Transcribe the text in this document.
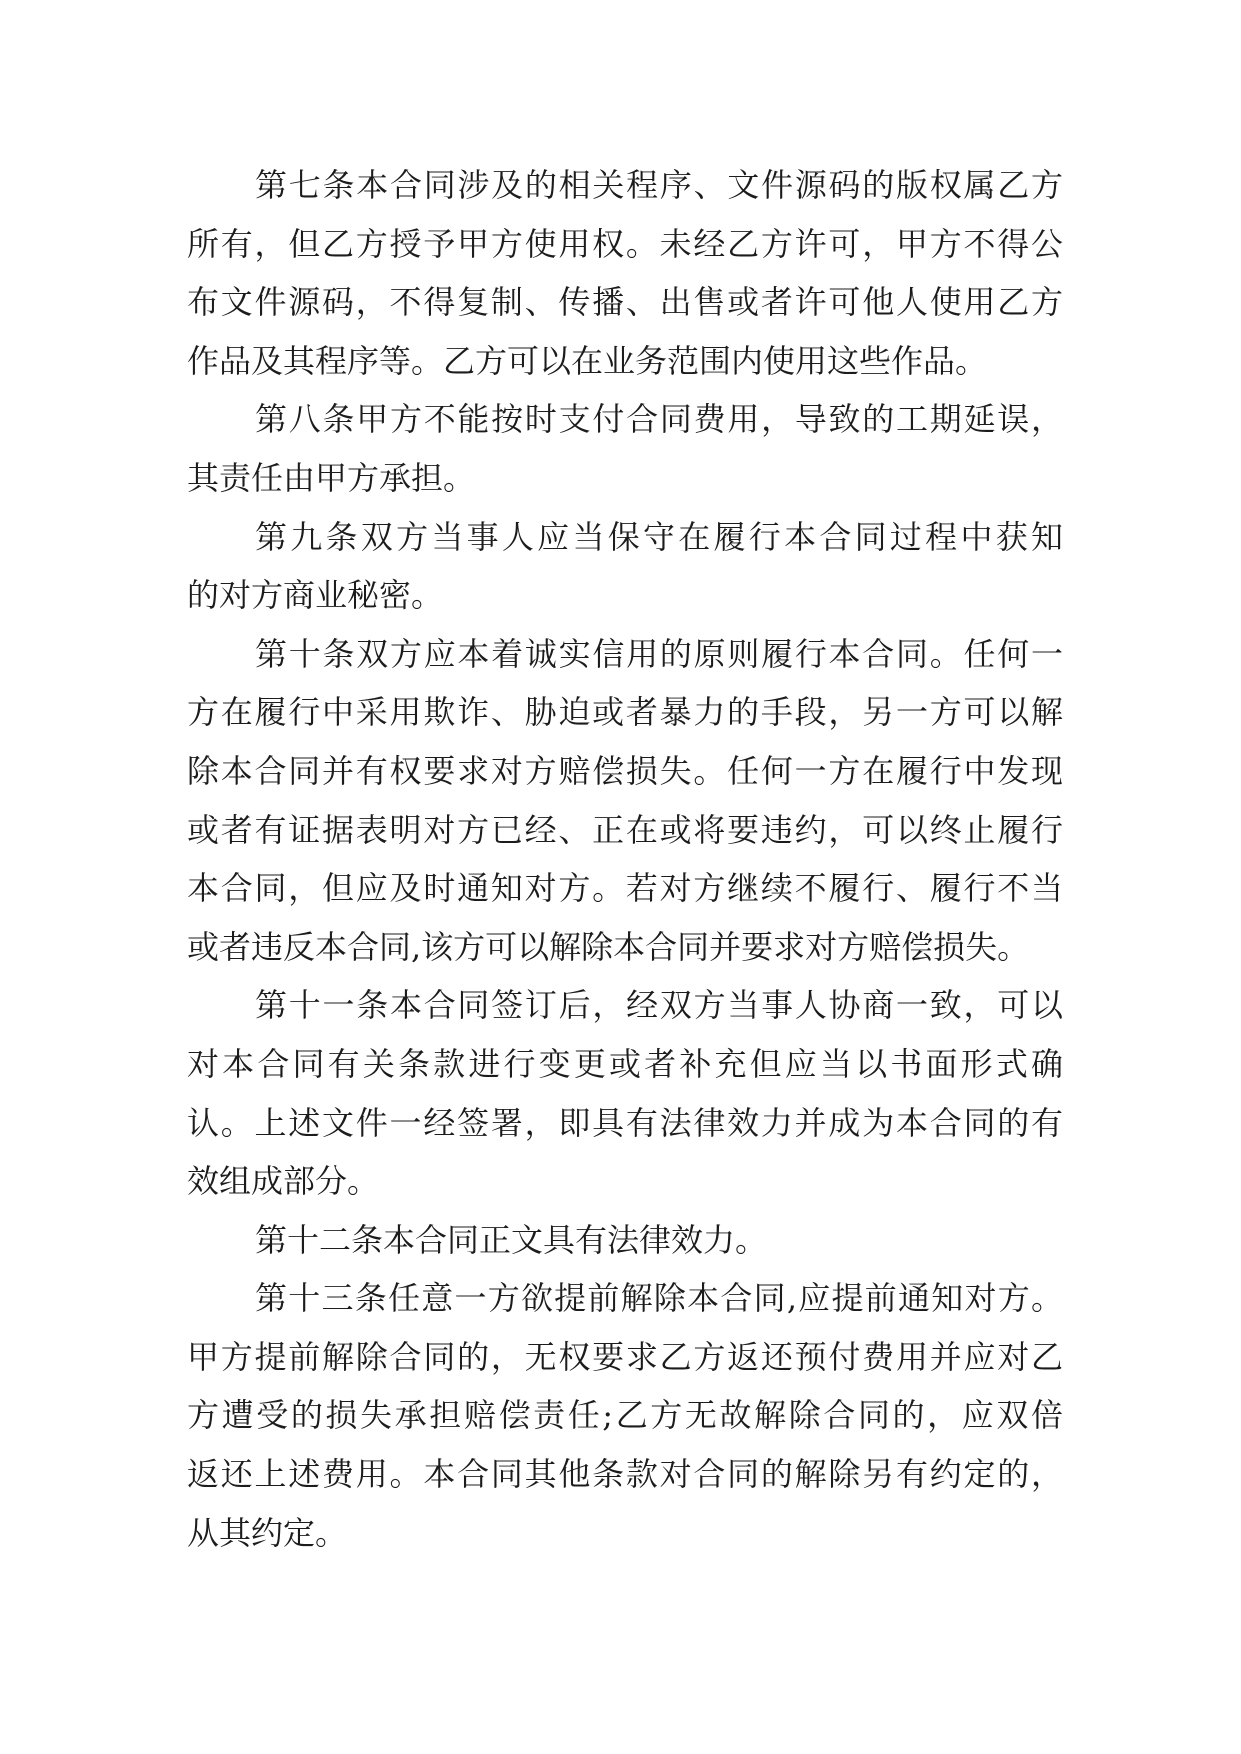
第七条本合同涉及的相关程序、文件源码的版权属乙方
所有，但乙方授予甲方使用权。未经乙方许可，甲方不得公
布文件源码，不得复制、传播、出售或者许可他人使用乙方
作品及其程序等。乙方可以在业务范围内使用这些作品。
第八条甲方不能按时支付合同费用，导致的工期延误，
其责任由甲方承担。
第九条双方当事人应当保守在履行本合同过程中获知
的对方商业秘密。
第十条双方应本着诚实信用的原则履行本合同。任何一
方在履行中采用欺诈、胁迫或者暴力的手段，另一方可以解
除本合同并有权要求对方赔偿损失。任何一方在履行中发现
或者有证据表明对方已经、正在或将要违约，可以终止履行
本合同，但应及时通知对方。若对方继续不履行、履行不当
或者违反本合同,该方可以解除本合同并要求对方赔偿损失。
第十一条本合同签订后，经双方当事人协商一致，可以
对本合同有关条款进行变更或者补充但应当以书面形式确
认。上述文件一经签署，即具有法律效力并成为本合同的有
效组成部分。
第十二条本合同正文具有法律效力。
第十三条任意一方欲提前解除本合同,应提前通知对方。
甲方提前解除合同的，无权要求乙方返还预付费用并应对乙
方遭受的损失承担赔偿责任;乙方无故解除合同的，应双倍
返还上述费用。本合同其他条款对合同的解除另有约定的，
从其约定。
